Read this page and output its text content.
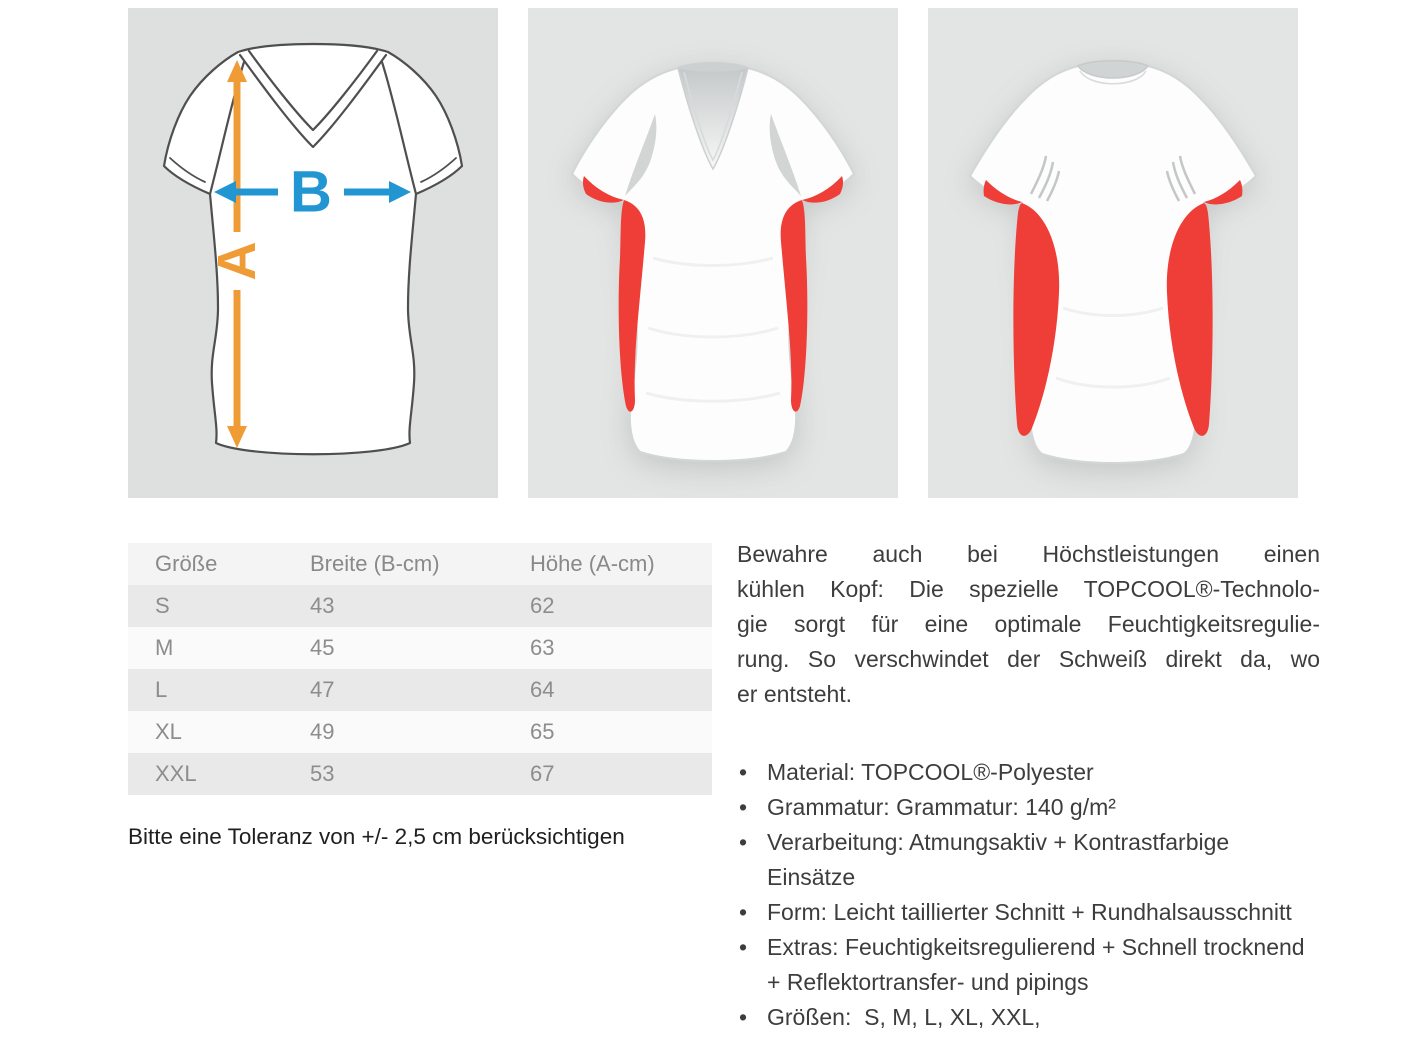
A
B
Größe	Breite (B-cm)	Höhe (A-cm)
S	43	62
M	45	63
L	47	64
XL	49	65
XXL	53	67
Bitte eine Toleranz von +/- 2,5 cm berücksichtigen
Bewahre auch bei Höchstleistungen einen
kühlen Kopf: Die spezielle TOPCOOL®-Technolo-
gie sorgt für eine optimale Feuchtigkeitsregulie-
rung. So verschwindet der Schweiß direkt da, wo
er entsteht.
• Material: TOPCOOL®-Polyester
• Grammatur: Grammatur: 140 g/m²
• Verarbeitung: Atmungsaktiv + Kontrastfarbige Einsätze
• Form: Leicht taillierter Schnitt + Rundhalsausschnitt
• Extras: Feuchtigkeitsregulierend + Schnell trocknend + Reflektortransfer- und pipings
• Größen:  S, M, L, XL, XXL,
